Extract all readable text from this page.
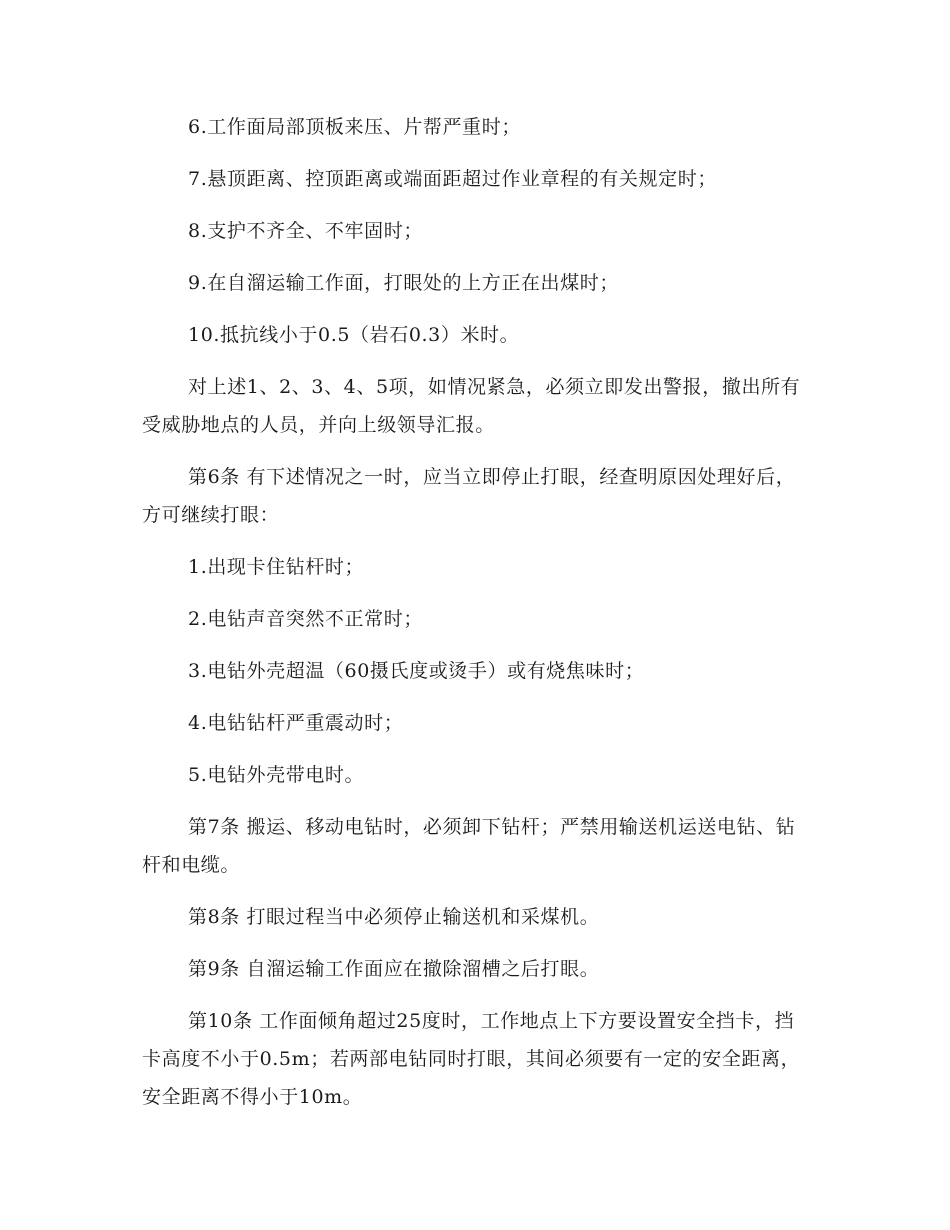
6.工作面局部顶板来压、片帮严重时；

7.悬顶距离、控顶距离或端面距超过作业章程的有关规定时；

8.支护不齐全、不牢固时；

9.在自溜运输工作面，打眼处的上方正在出煤时；

10.抵抗线小于0.5（岩石0.3）米时。

对上述1、2、3、4、5项，如情况紧急，必须立即发出警报，撤出所有受威胁地点的人员，并向上级领导汇报。

第6条 有下述情况之一时，应当立即停止打眼，经查明原因处理好后，方可继续打眼：

1.出现卡住钻杆时；

2.电钻声音突然不正常时；

3.电钻外壳超温（60摄氏度或烫手）或有烧焦味时；

4.电钻钻杆严重震动时；

5.电钻外壳带电时。

第7条 搬运、移动电钻时，必须卸下钻杆；严禁用输送机运送电钻、钻杆和电缆。

第8条 打眼过程当中必须停止输送机和采煤机。

第9条 自溜运输工作面应在撤除溜槽之后打眼。

第10条 工作面倾角超过25度时，工作地点上下方要设置安全挡卡，挡卡高度不小于0.5m；若两部电钻同时打眼，其间必须要有一定的安全距离，安全距离不得小于10m。
